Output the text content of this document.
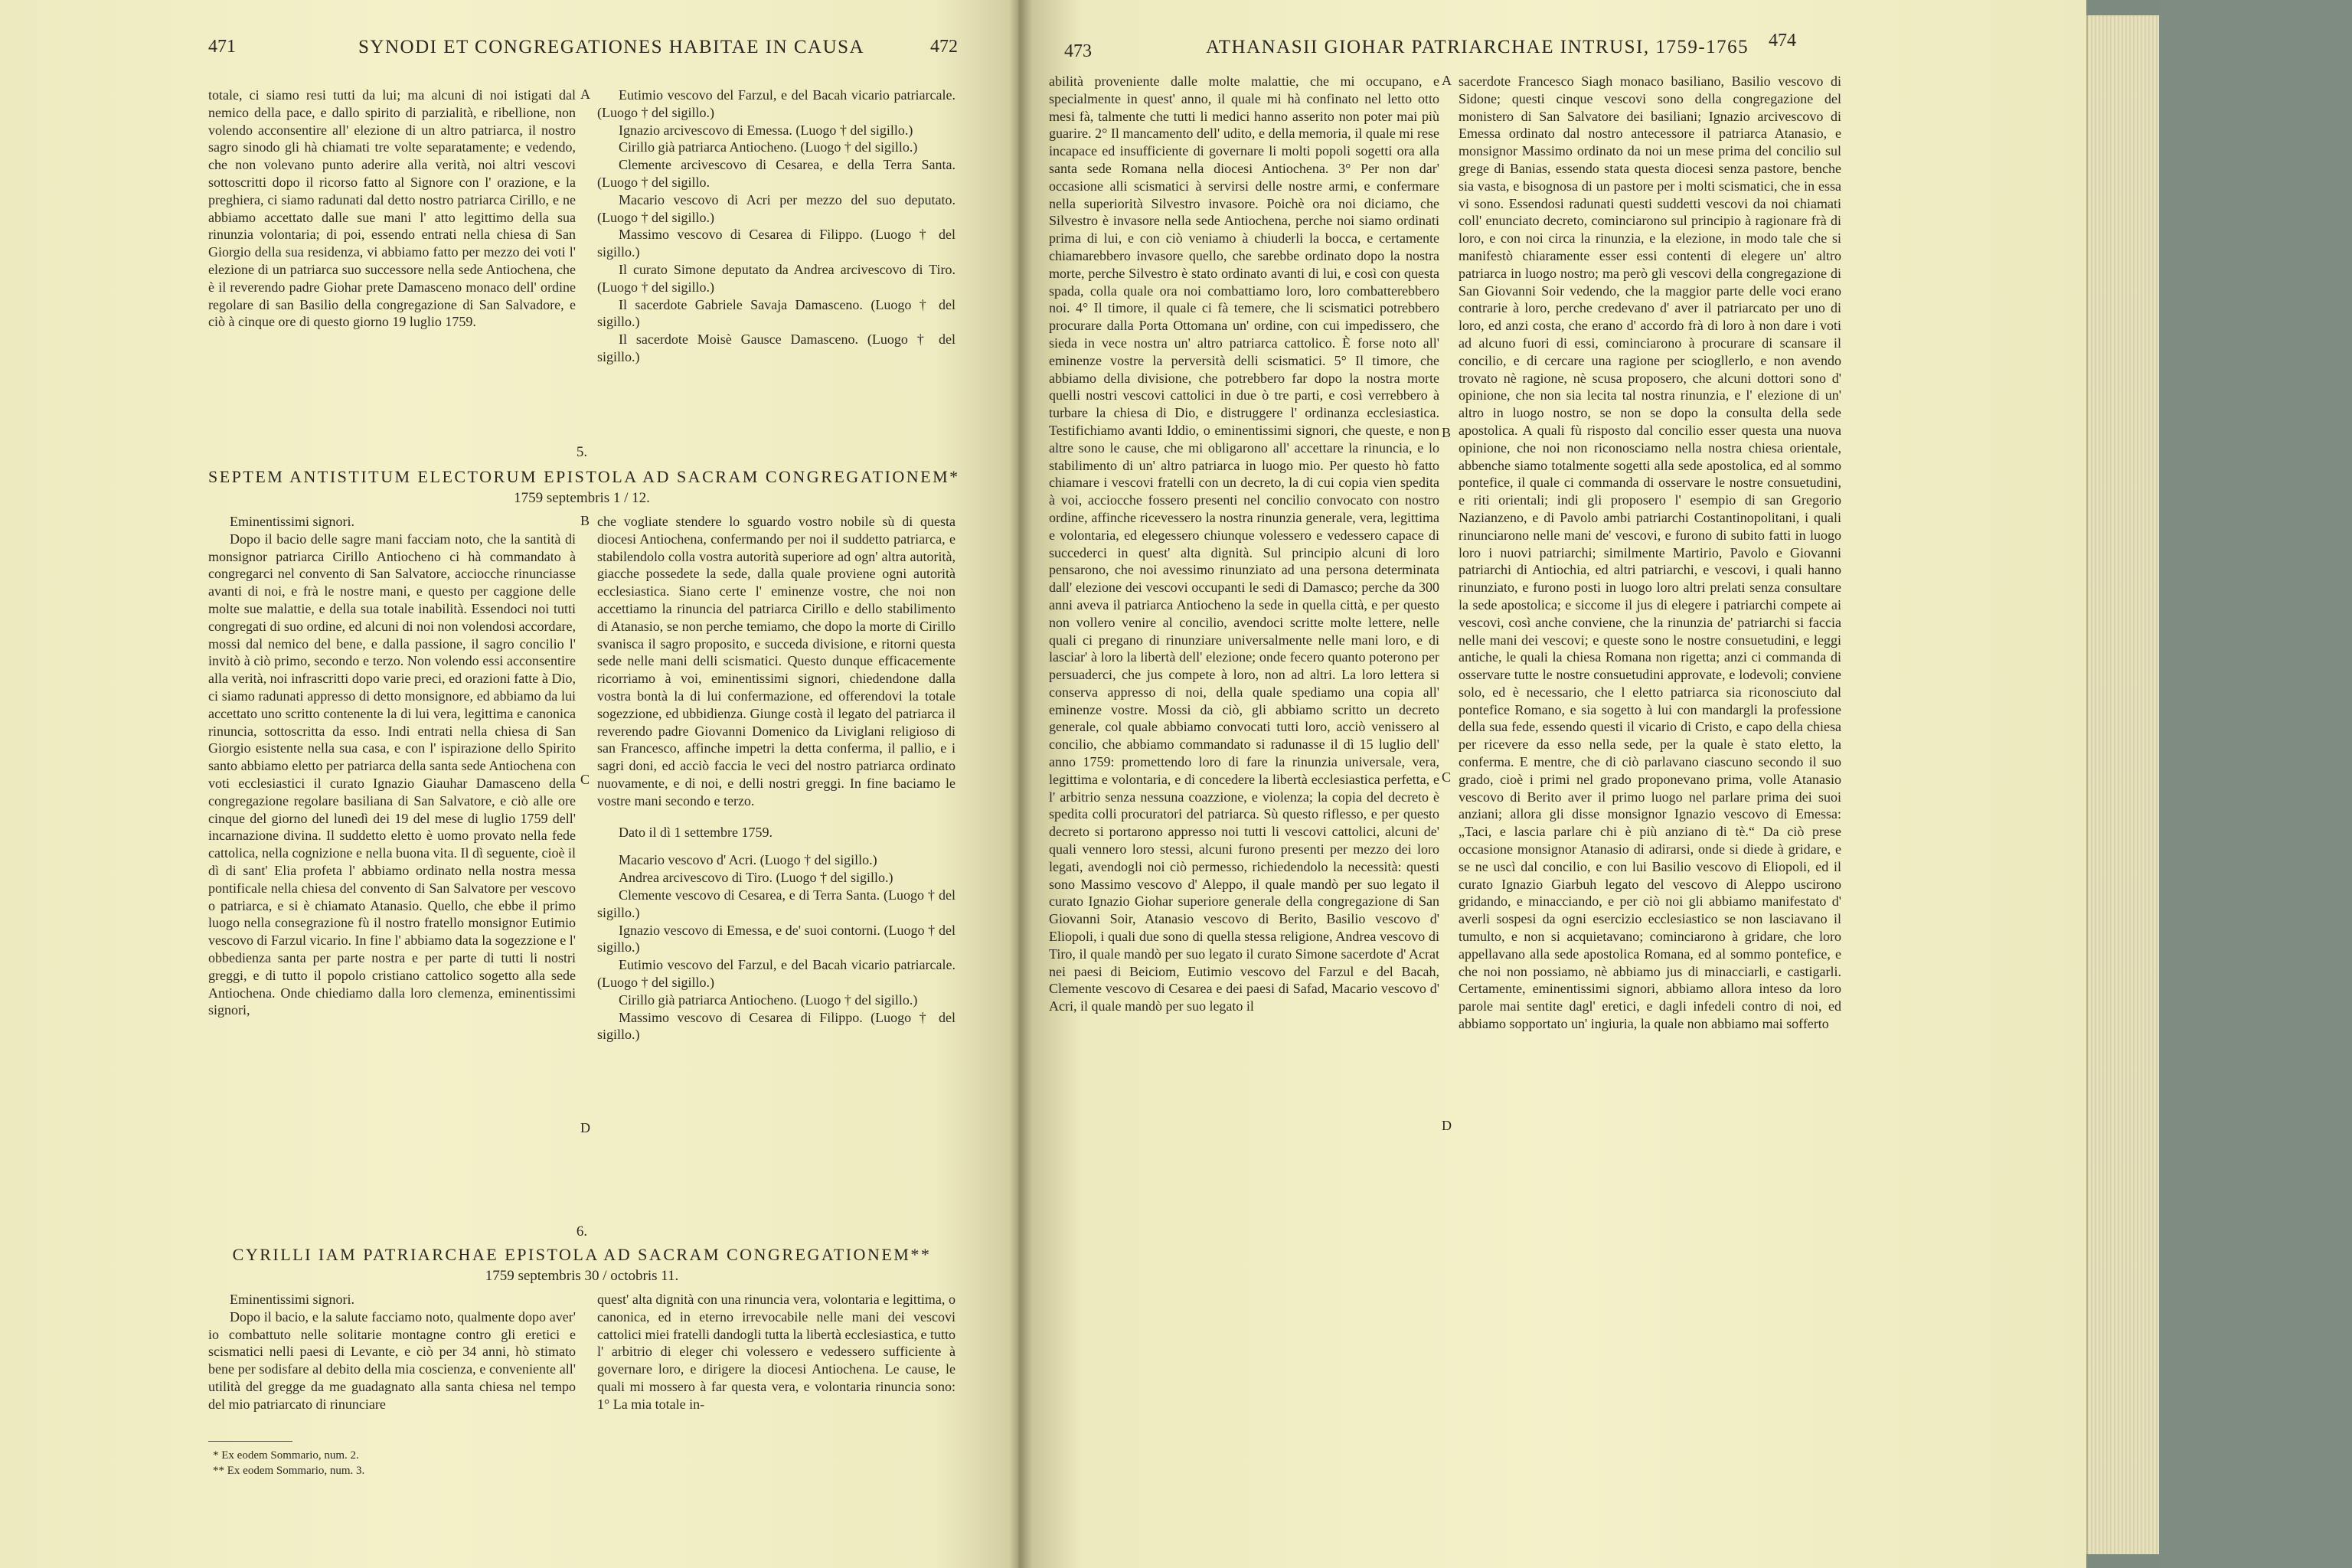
471	SYNODI ET CONGREGATIONES HABITAE IN CAUSA	472

totale, ci siamo resi tutti da lui; ma alcuni di noi istigati dal nemico della pace, e dallo spirito di parzialità, e ribellione, non volendo acconsentire all' elezione di un altro patriarca, il nostro sagro sinodo gli hà chiamati tre volte separatamente; e vedendo, che non volevano punto aderire alla verità, noi altri vescovi sottoscritti dopo il ricorso fatto al Signore con l' orazione, e la preghiera, ci siamo radunati dal detto nostro patriarca Cirillo, e ne abbiamo accettato dalle sue mani l' atto legittimo della sua rinunzia volontaria; di poi, essendo entrati nella chiesa di San Giorgio della sua residenza, vi abbiamo fatto per mezzo dei voti l' elezione di un patriarca suo successore nella sede Antiochena, che è il reverendo padre Giohar prete Damasceno monaco dell' ordine regolare di san Basilio della congregazione di San Salvadore, e ciò à cinque ore di questo giorno 19 luglio 1759.

A	Eutimio vescovo del Farzul, e del Bacah vicario patriarcale. (Luogo † del sigillo.)

Ignazio arcivescovo di Emessa. (Luogo † del sigillo.)

Cirillo già patriarca Antiocheno. (Luogo † del sigillo.)

Clemente arcivescovo di Cesarea, e della Terra Santa. (Luogo † del sigillo.

Macario vescovo di Acri per mezzo del suo deputato. (Luogo † del sigillo.)

Massimo vescovo di Cesarea di Filippo. (Luogo † del sigillo.)

Il curato Simone deputato da Andrea arcivescovo di Tiro. (Luogo † del sigillo.)

Il sacerdote Gabriele Savaja Damasceno. (Luogo † del sigillo.)

Il sacerdote Moisè Gausce Damasceno. (Luogo † del sigillo.)

5.
SEPTEM ANTISTITUM ELECTORUM EPISTOLA AD SACRAM CONGREGATIONEM*
1759 septembris 1 / 12.

Eminentissimi signori.

Dopo il bacio delle sagre mani facciam noto, che la santità di monsignor patriarca Cirillo Antiocheno ci hà commandato à congregarci nel convento di San Salvatore, acciocche rinunciasse avanti di noi, e frà le nostre mani, e questo per caggione delle molte sue malattie, e della sua totale inabilità. Essendoci noi tutti congregati di suo ordine, ed alcuni di noi non volendosi accordare, mossi dal nemico del bene, e dalla passione, il sagro concilio l' invitò à ciò primo, secondo e terzo. Non volendo essi acconsentire alla verità, noi infrascritti dopo varie preci, ed orazioni fatte à Dio, ci siamo radunati appresso di detto monsignore, ed abbiamo da lui accettato uno scritto contenente la di lui vera, legittima e canonica rinuncia, sottoscritta da esso. Indi entrati nella chiesa di San Giorgio esistente nella sua casa, e con l' ispirazione dello Spirito santo abbiamo eletto per patriarca della santa sede Antiochena con voti ecclesiastici il curato Ignazio Giauhar Damasceno della congregazione regolare basiliana di San Salvatore, e ciò alle ore cinque del giorno del lunedì dei 19 del mese di luglio 1759 dell' incarnazione divina. Il suddetto eletto è uomo provato nella fede cattolica, nella cognizione e nella buona vita. Il dì seguente, cioè il dì di sant' Elia profeta l' abbiamo ordinato nella nostra messa pontificale nella chiesa del convento di San Salvatore per vescovo o patriarca, e si è chiamato Atanasio. Quello, che ebbe il primo luogo nella consegrazione fù il nostro fratello monsignor Eutimio vescovo di Farzul vicario. In fine l' abbiamo data la sogezzione e l' obbedienza santa per parte nostra e per parte di tutti li nostri greggi, e di tutto il popolo cristiano cattolico sogetto alla sede Antiochena. Onde chiediamo dalla loro clemenza, eminentissimi signori,

B
C
D

che vogliate stendere lo sguardo vostro nobile sù di questa diocesi Antiochena, confermando per noi il suddetto patriarca, e stabilendolo colla vostra autorità superiore ad ogn' altra autorità, giacche possedete la sede, dalla quale proviene ogni autorità ecclesiastica. Siano certe l' eminenze vostre, che noi non accettiamo la rinuncia del patriarca Cirillo e dello stabilimento di Atanasio, se non perche temiamo, che dopo la morte di Cirillo svanisca il sagro proposito, e succeda divisione, e ritorni questa sede nelle mani delli scismatici. Questo dunque efficacemente ricorriamo à voi, eminentissimi signori, chiedendone dalla vostra bontà la di lui confermazione, ed offerendovi la totale sogezzione, ed ubbidienza. Giunge costà il legato del patriarca il reverendo padre Giovanni Domenico da Liviglani religioso di san Francesco, affinche impetri la detta conferma, il pallio, e i sagri doni, ed acciò faccia le veci del nostro patriarca ordinato nuovamente, e di noi, e delli nostri greggi. In fine baciamo le vostre mani secondo e terzo.

Dato il dì 1 settembre 1759.

Macario vescovo d' Acri. (Luogo † del sigillo.)

Andrea arcivescovo di Tiro. (Luogo † del sigillo.)

Clemente vescovo di Cesarea, e di Terra Santa. (Luogo † del sigillo.)

Ignazio vescovo di Emessa, e de' suoi contorni. (Luogo † del sigillo.)

Eutimio vescovo del Farzul, e del Bacah vicario patriarcale. (Luogo † del sigillo.)

Cirillo già patriarca Antiocheno. (Luogo † del sigillo.)

Massimo vescovo di Cesarea di Filippo. (Luogo † del sigillo.)

6.
CYRILLI IAM PATRIARCHAE EPISTOLA AD SACRAM CONGREGATIONEM**
1759 septembris 30 / octobris 11.

Eminentissimi signori.

Dopo il bacio, e la salute facciamo noto, qualmente dopo aver' io combattuto nelle solitarie montagne contro gli eretici e scismatici nelli paesi di Levante, e ciò per 34 anni, hò stimato bene per sodisfare al debito della mia coscienza, e conveniente all' utilità del gregge da me guadagnato alla santa chiesa nel tempo del mio patriarcato di rinunciare

quest' alta dignità con una rinuncia vera, volontaria e legittima, o canonica, ed in eterno irrevocabile nelle mani dei vescovi cattolici miei fratelli dandogli tutta la libertà ecclesiastica, e tutto l' arbitrio di eleger chi volessero e vedessero sufficiente à governare loro, e dirigere la diocesi Antiochena. Le cause, le quali mi mossero à far questa vera, e volontaria rinuncia sono: 1° La mia totale in-

* Ex eodem Sommario, num. 2.
** Ex eodem Sommario, num. 3.
473	ATHANASII GIOHAR PATRIARCHAE INTRUSI, 1759-1765 474

abilità proveniente dalle molte malattie, che mi occupano, e specialmente in quest' anno, il quale mi hà confinato nel letto otto mesi fà, talmente che tutti li medici hanno asserito non poter mai più guarire. 2° Il mancamento dell' udito, e della memoria, il quale mi rese incapace ed insufficiente di governare li molti popoli sogetti ora alla santa sede Romana nella diocesi Antiochena. 3° Per non dar' occasione alli scismatici à servirsi delle nostre armi, e confermare nella superiorità Silvestro invasore. Poichè ora noi diciamo, che Silvestro è invasore nella sede Antiochena, perche noi siamo ordinati prima di lui, e con ciò veniamo à chiuderli la bocca, e certamente chiamarebbero invasore quello, che sarebbe ordinato dopo la nostra morte, perche Silvestro è stato ordinato avanti di lui, e così con questa spada, colla quale ora noi combattiamo loro, loro combatterebbero noi. 4° Il timore, il quale ci fà temere, che li scismatici potrebbero procurare dalla Porta Ottomana un' ordine, con cui impedissero, che sieda in vece nostra un' altro patriarca cattolico. È forse noto all' eminenze vostre la perversità delli scismatici. 5° Il timore, che abbiamo della divisione, che potrebbero far dopo la nostra morte quelli nostri vescovi cattolici in due ò tre parti, e così verrebbero à turbare la chiesa di Dio, e distruggere l' ordinanza ecclesiastica. Testifichiamo avanti Iddio, o eminentissimi signori, che queste, e non altre sono le cause, che mi obligarono all' accettare la rinuncia, e lo stabilimento di un' altro patriarca in luogo mio. Per questo hò fatto chiamare i vescovi fratelli con un decreto, la di cui copia vien spedita à voi, acciocche fossero presenti nel concilio convocato con nostro ordine, affinche ricevessero la nostra rinunzia generale, vera, legittima e volontaria, ed elegessero chiunque volessero e vedessero capace di succederci in quest' alta dignità. Sul principio alcuni di loro pensarono, che noi avessimo rinunziato ad una persona determinata dall' elezione dei vescovi occupanti le sedi di Damasco; perche da 300 anni aveva il patriarca Antiocheno la sede in quella città, e per questo non vollero venire al concilio, avendoci scritte molte lettere, nelle quali ci pregano di rinunziare universalmente nelle mani loro, e di lasciar' à loro la libertà dell' elezione; onde fecero quanto poterono per persuaderci, che jus compete à loro, non ad altri. La loro lettera si conserva appresso di noi, della quale spediamo una copia all' eminenze vostre. Mossi da ciò, gli abbiamo scritto un decreto generale, col quale abbiamo convocati tutti loro, acciò venissero al concilio, che abbiamo commandato si radunasse il dì 15 luglio dell' anno 1759: promettendo loro di fare la rinunzia universale, vera, legittima e volontaria, e di concedere la libertà ecclesiastica perfetta, e l' arbitrio senza nessuna coazzione, e violenza; la copia del decreto è spedita colli procuratori del patriarca. Sù questo riflesso, e per questo decreto si portarono appresso noi tutti li vescovi cattolici, alcuni de' quali vennero loro stessi, alcuni furono presenti per mezzo dei loro legati, avendogli noi ciò permesso, richiedendolo la necessità: questi sono Massimo vescovo d' Aleppo, il quale mandò per suo legato il curato Ignazio Giohar superiore generale della congregazione di San Giovanni Soir, Atanasio vescovo di Berito, Basilio vescovo d' Eliopoli, i quali due sono di quella stessa religione, Andrea vescovo di Tiro, il quale mandò per suo legato il curato Simone sacerdote d' Acrat nei paesi di Beiciom, Eutimio vescovo del Farzul e del Bacah, Clemente vescovo di Cesarea e dei paesi di Safad, Macario vescovo d' Acri, il quale mandò per suo legato il

A
B
C
D

sacerdote Francesco Siagh monaco basiliano, Basilio vescovo di Sidone; questi cinque vescovi sono della congregazione del monistero di San Salvatore dei basiliani; Ignazio arcivescovo di Emessa ordinato dal nostro antecessore il patriarca Atanasio, e monsignor Massimo ordinato da noi un mese prima del concilio sul grege di Banias, essendo stata questa diocesi senza pastore, benche sia vasta, e bisognosa di un pastore per i molti scismatici, che in essa vi sono. Essendosi radunati questi suddetti vescovi da noi chiamati coll' enunciato decreto, cominciarono sul principio à ragionare frà di loro, e con noi circa la rinunzia, e la elezione, in modo tale che si manifestò chiaramente esser essi contenti di elegere un' altro patriarca in luogo nostro; ma però gli vescovi della congregazione di San Giovanni Soir vedendo, che la maggior parte delle voci erano contrarie à loro, perche credevano d' aver il patriarcato per uno di loro, ed anzi costa, che erano d' accordo frà di loro à non dare i voti ad alcuno fuori di essi, cominciarono à procurare di scansare il concilio, e di cercare una ragione per sciogllerlo, e non avendo trovato nè ragione, nè scusa proposero, che alcuni dottori sono d' opinione, che non sia lecita tal nostra rinunzia, e l' elezione di un' altro in luogo nostro, se non se dopo la consulta della sede apostolica. A quali fù risposto dal concilio esser questa una nuova opinione, che noi non riconosciamo nella nostra chiesa orientale, abbenche siamo totalmente sogetti alla sede apostolica, ed al sommo pontefice, il quale ci commanda di osservare le nostre consuetudini, e riti orientali; indi gli proposero l' esempio di san Gregorio Nazianzeno, e di Pavolo ambi patriarchi Costantinopolitani, i quali rinunciarono nelle mani de' vescovi, e furono di subito fatti in luogo loro i nuovi patriarchi; similmente Martirio, Pavolo e Giovanni patriarchi di Antiochia, ed altri patriarchi, e vescovi, i quali hanno rinunziato, e furono posti in luogo loro altri prelati senza consultare la sede apostolica; e siccome il jus di elegere i patriarchi compete ai vescovi, così anche conviene, che la rinunzia de' patriarchi si faccia nelle mani dei vescovi; e queste sono le nostre consuetudini, e leggi antiche, le quali la chiesa Romana non rigetta; anzi ci commanda di osservare tutte le nostre consuetudini approvate, e lodevoli; conviene solo, ed è necessario, che l eletto patriarca sia riconosciuto dal pontefice Romano, e sia sogetto à lui con mandargli la professione della sua fede, essendo questi il vicario di Cristo, e capo della chiesa per ricevere da esso nella sede, per la quale è stato eletto, la conferma. E mentre, che di ciò parlavano ciascuno secondo il suo grado, cioè i primi nel grado proponevano prima, volle Atanasio vescovo di Berito aver il primo luogo nel parlare prima dei suoi anziani; allora gli disse monsignor Ignazio vescovo di Emessa: „Taci, e lascia parlare chi è più anziano di tè.“ Da ciò prese occasione monsignor Atanasio di adirarsi, onde si diede à gridare, e se ne uscì dal concilio, e con lui Basilio vescovo di Eliopoli, ed il curato Ignazio Giarbuh legato del vescovo di Aleppo uscirono gridando, e minacciando, e per ciò noi gli abbiamo manifestato d' averli sospesi da ogni esercizio ecclesiastico se non lasciavano il tumulto, e non si acquietavano; cominciarono à gridare, che loro appellavano alla sede apostolica Romana, ed al sommo pontefice, e che noi non possiamo, nè abbiamo jus di minacciarli, e castigarli. Certamente, eminentissimi signori, abbiamo allora inteso da loro parole mai sentite dagl' eretici, e dagli infedeli contro di noi, ed abbiamo sopportato un' ingiuria, la quale non abbiamo mai sofferto
